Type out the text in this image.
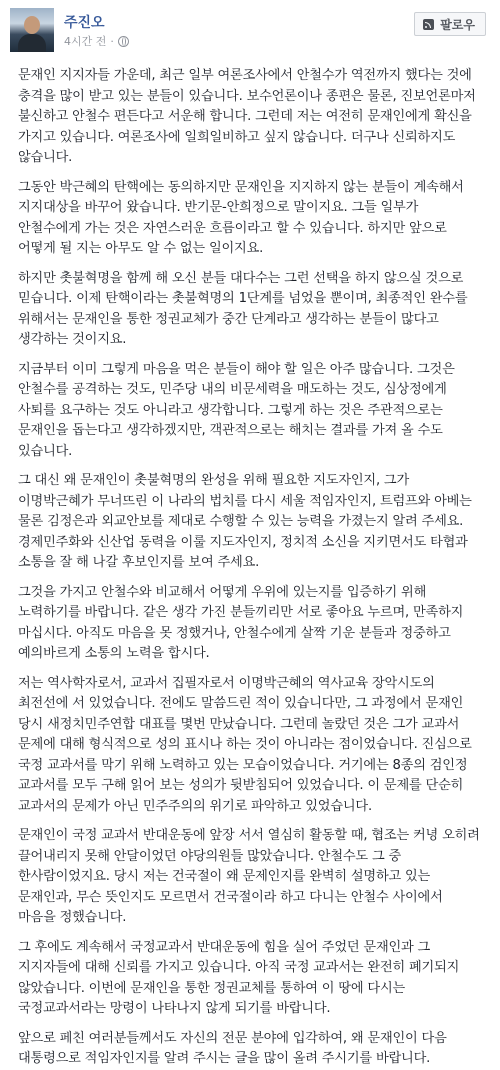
주진오
4시간 전 ·
팔로우

문재인 지지자들 가운데, 최근 일부 여론조사에서 안철수가 역전까지 했다는 것에 충격을 많이 받고 있는 분들이 있습니다. 보수언론이나 종편은 물론, 진보언론마저 불신하고 안철수 편든다고 서운해 합니다. 그런데 저는 여전히 문재인에게 확신을 가지고 있습니다. 여론조사에 일희일비하고 싶지 않습니다. 더구나 신뢰하지도 않습니다.

그동안 박근혜의 탄핵에는 동의하지만 문재인을 지지하지 않는 분들이 계속해서 지지대상을 바꾸어 왔습니다. 반기문-안희정으로 말이지요. 그들 일부가 안철수에게 가는 것은 자연스러운 흐름이라고 할 수 있습니다. 하지만 앞으로 어떻게 될 지는 아무도 알 수 없는 일이지요.

하지만 촛불혁명을 함께 해 오신 분들 대다수는 그런 선택을 하지 않으실 것으로 믿습니다. 이제 탄핵이라는 촛불혁명의 1단계를 넘었을 뿐이며, 최종적인 완수를 위해서는 문재인을 통한 정권교체가 중간 단계라고 생각하는 분들이 많다고 생각하는 것이지요.

지금부터 이미 그렇게 마음을 먹은 분들이 해야 할 일은 아주 많습니다. 그것은 안철수를 공격하는 것도, 민주당 내의 비문세력을 매도하는 것도, 심상정에게 사퇴를 요구하는 것도 아니라고 생각합니다. 그렇게 하는 것은 주관적으로는 문재인을 돕는다고 생각하겠지만, 객관적으로는 해치는 결과를 가져 올 수도 있습니다.

그 대신 왜 문재인이 촛불혁명의 완성을 위해 필요한 지도자인지, 그가 이명박근혜가 무너뜨린 이 나라의 법치를 다시 세울 적임자인지, 트럼프와 아베는 물론 김정은과 외교안보를 제대로 수행할 수 있는 능력을 가졌는지 알려 주세요. 경제민주화와 신산업 동력을 이룰 지도자인지, 정치적 소신을 지키면서도 타협과 소통을 잘 해 나갈 후보인지를 보여 주세요.

그것을 가지고 안철수와 비교해서 어떻게 우위에 있는지를 입증하기 위해 노력하기를 바랍니다. 같은 생각 가진 분들끼리만 서로 좋아요 누르며, 만족하지 마십시다. 아직도 마음을 못 정했거나, 안철수에게 살짝 기운 분들과 정중하고 예의바르게 소통의 노력을 합시다.

저는 역사학자로서, 교과서 집필자로서 이명박근혜의 역사교육 장악시도의 최전선에 서 있었습니다. 전에도 말씀드린 적이 있습니다만, 그 과정에서 문재인 당시 새정치민주연합 대표를 몇번 만났습니다. 그런데 놀랐던 것은 그가 교과서 문제에 대해 형식적으로 성의 표시나 하는 것이 아니라는 점이었습니다. 진심으로 국정 교과서를 막기 위해 노력하고 있는 모습이었습니다. 거기에는 8종의 검인정 교과서를 모두 구해 읽어 보는 성의가 뒷받침되어 있었습니다. 이 문제를 단순히 교과서의 문제가 아닌 민주주의의 위기로 파악하고 있었습니다.

문재인이 국정 교과서 반대운동에 앞장 서서 열심히 활동할 때, 협조는 커녕 오히려 끌어내리지 못해 안달이었던 야당의원들 많았습니다. 안철수도 그 중 한사람이었지요. 당시 저는 건국절이 왜 문제인지를 완벽히 설명하고 있는 문재인과, 무슨 뜻인지도 모르면서 건국절이라 하고 다니는 안철수 사이에서 마음을 정했습니다.

그 후에도 계속해서 국정교과서 반대운동에 힘을 실어 주었던 문재인과 그 지지자들에 대해 신뢰를 가지고 있습니다. 아직 국정 교과서는 완전히 폐기되지 않았습니다. 이번에 문재인을 통한 정권교체를 통하여 이 땅에 다시는 국정교과서라는 망령이 나타나지 않게 되기를 바랍니다.

앞으로 페친 여러분들께서도 자신의 전문 분야에 입각하여, 왜 문재인이 다음 대통령으로 적임자인지를 알려 주시는 글을 많이 올려 주시기를 바랍니다.
